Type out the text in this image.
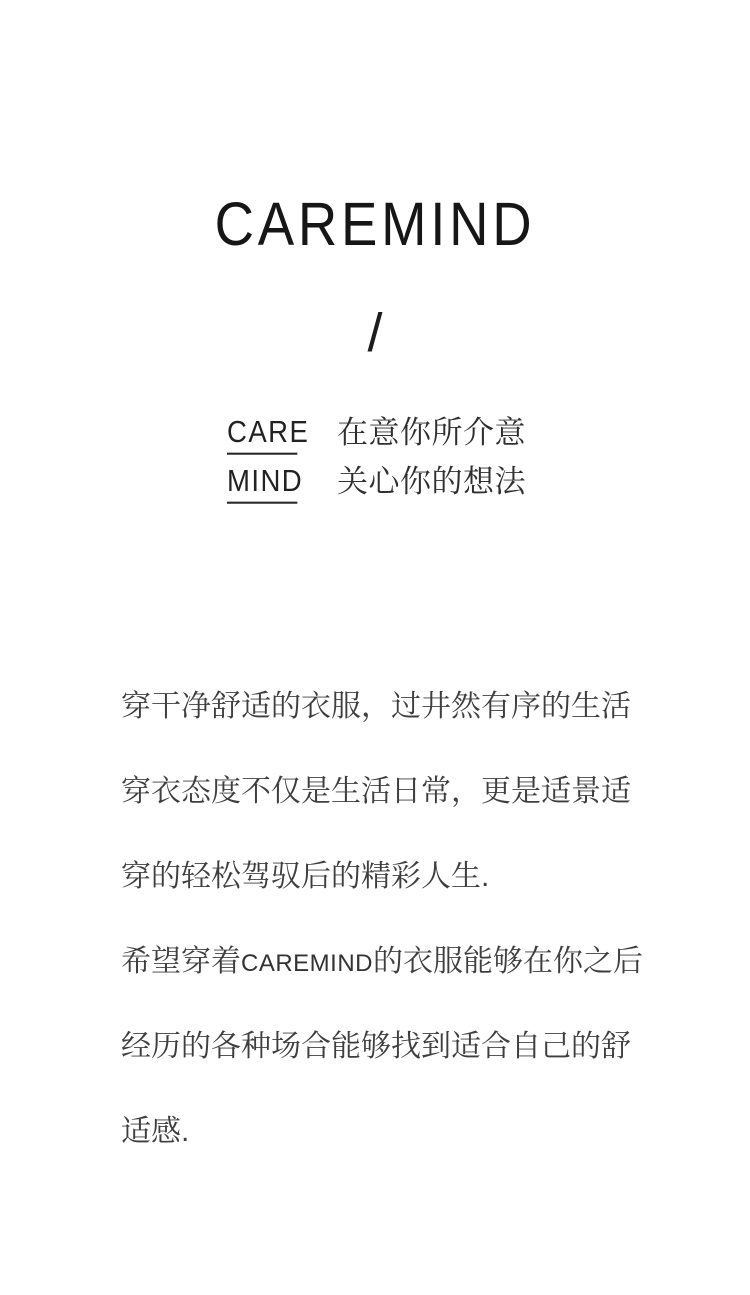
CAREMIND
/
CARE 在意你所介意
MIND 关心你的想法
穿干净舒适的衣服，过井然有序的生活
穿衣态度不仅是生活日常，更是适景适
穿的轻松驾驭后的精彩人生.
希望穿着CAREMIND的衣服能够在你之后
经历的各种场合能够找到适合自己的舒
适感.
